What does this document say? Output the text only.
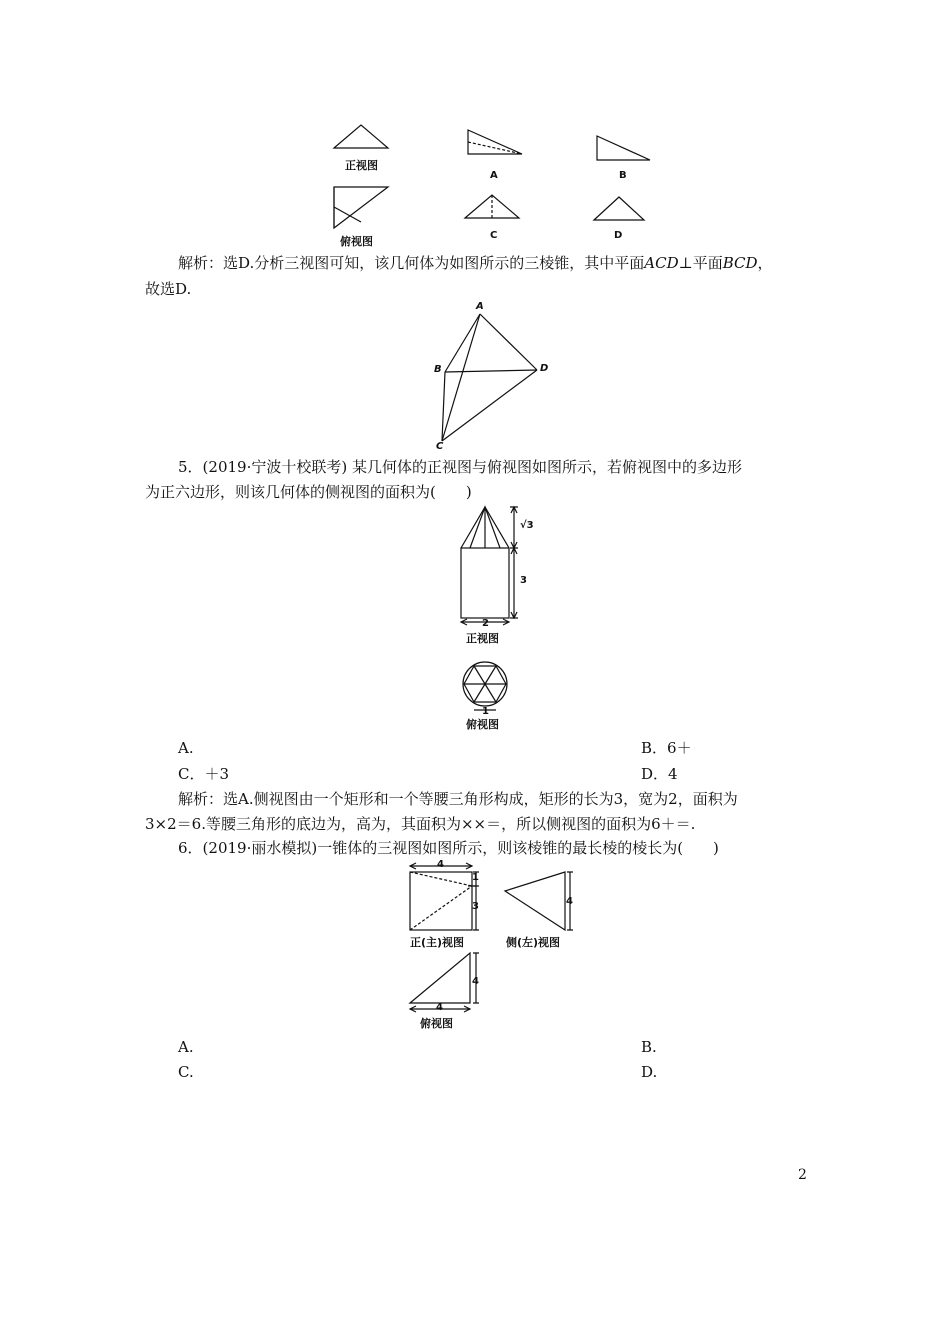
正视图
俯视图
A	B
C	D
解析：选D.分析三视图可知，该几何体为如图所示的三棱锥，其中平面ACD⊥平面BCD，
故选D.
A
B
C
D
5．(2019·宁波十校联考) 某几何体的正视图与俯视图如图所示，若俯视图中的多边形
为正六边形，则该几何体的侧视图的面积为(　　)
√3
3
2
正视图
1
俯视图
A.	B．6＋
C．＋3	D．4
解析：选A.侧视图由一个矩形和一个等腰三角形构成，矩形的长为3，宽为2，面积为
3×2＝6.等腰三角形的底边为，高为，其面积为××＝，所以侧视图的面积为6＋＝.
6．(2019·丽水模拟)一锥体的三视图如图所示，则该棱锥的最长棱的棱长为(　　)
4
1
3	4
正(主)视图	侧(左)视图
4
4
俯视图
A.	B.
C.	D.
2
